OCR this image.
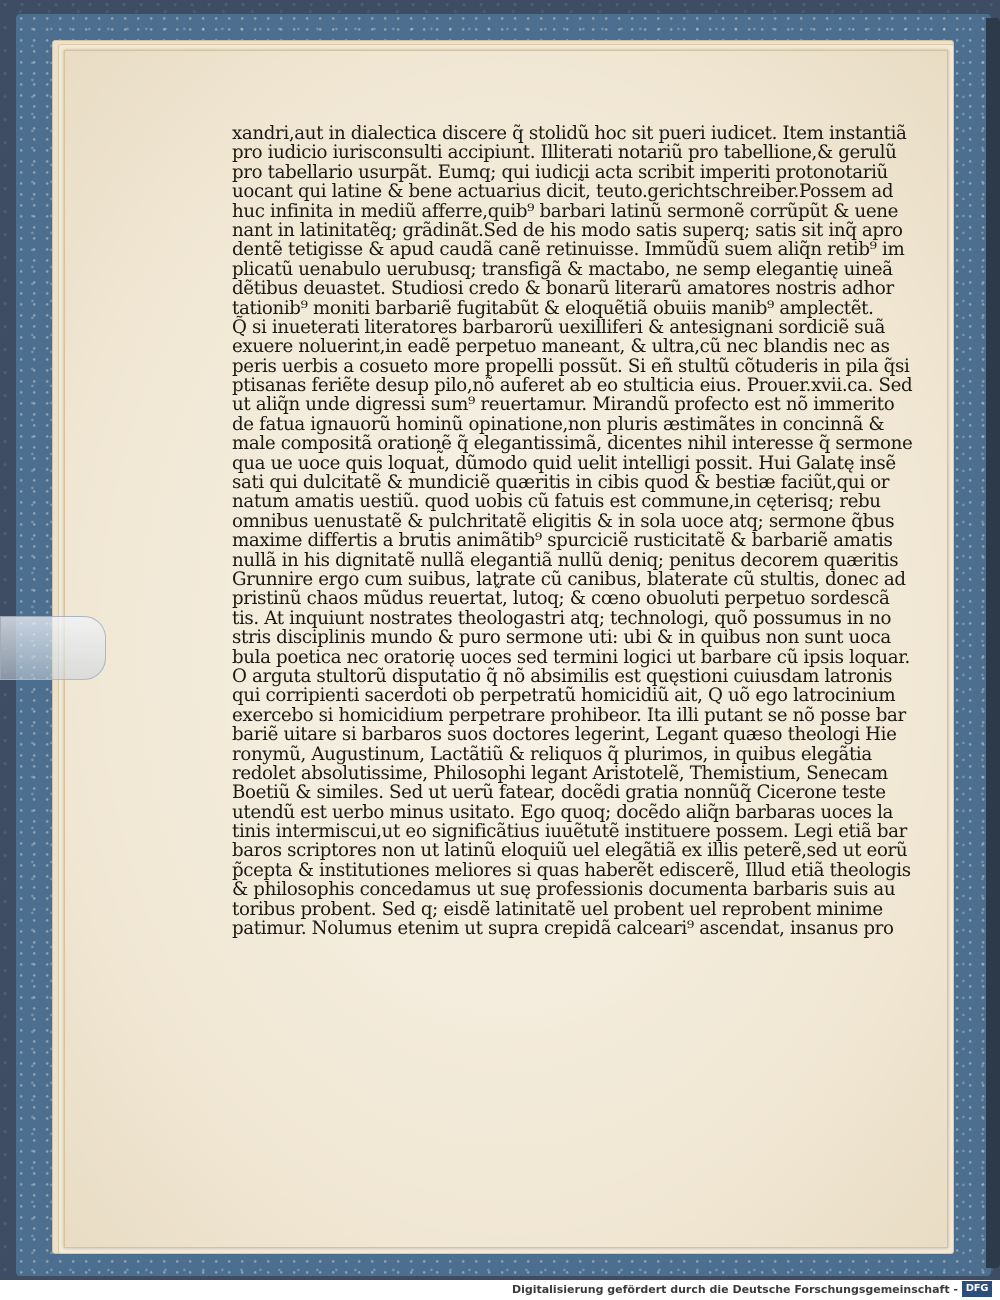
xandri,aut in dialectica discere q̃ stolidũ hoc sit pueri iudicet. Item instantiã
pro iudicio iurisconsulti accipiunt. Illiterati notariũ pro tabellione,& gerulũ
pro tabellario usurpãt. Eumq; qui iudicii acta scribit imperiti protonotariũ
uocant qui latine & bene actuarius dicit̃, teuto.gerichtschreiber.Possem ad
huc infinita in mediũ afferre,quib⁹ barbari latinũ sermonẽ corrũpũt & uene
nant in latinitatẽq; grãdinãt.Sed de his modo satis superq; satis sit inq̃ apro
dentẽ tetigisse & apud caudã canẽ retinuisse. Immũdũ suem aliq̃n retib⁹ im
plicatũ uenabulo uerubusq; transfigã & mactabo, ne semp elegantię uineã
dẽtibus deuastet. Studiosi credo & bonarũ literarũ amatores nostris adhor
tationib⁹ moniti barbariẽ fugitabũt & eloquẽtiã obuiis manib⁹ amplectẽt.
Q̃ si inueterati literatores barbarorũ uexilliferi & antesignani sordiciẽ suã
exuere noluerint,in eadẽ perpetuo maneant, & ultra,cũ nec blandis nec as
peris uerbis a cosueto more propelli possũt. Si eñ stultũ cõtuderis in pila q̃si
ptisanas feriẽte desup pilo,nõ auferet ab eo stulticia eius. Prouer.xvii.ca. Sed
ut aliq̃n unde digressi sum⁹ reuertamur. Mirandũ profecto est nõ immerito
de fatua ignauorũ hominũ opinatione,non pluris æstimãtes in concinnã &
male compositã orationẽ q̃ elegantissimã, dicentes nihil interesse q̃ sermone
qua ue uoce quis loquat̃, dũmodo quid uelit intelligi possit. Hui Galatę insẽ
sati qui dulcitatẽ & mundiciẽ quæritis in cibis quod & bestiæ faciũt,qui or
natum amatis uestiũ. quod uobis cũ fatuis est commune,in cęterisq; rebu
omnibus uenustatẽ & pulchritatẽ eligitis & in sola uoce atq; sermone q̃bus
maxime differtis a brutis animãtib⁹ spurciciẽ rusticitatẽ & barbariẽ amatis
nullã in his dignitatẽ nullã elegantiã nullũ deniq; penitus decorem quæritis
Grunnire ergo cum suibus, latrate cũ canibus, blaterate cũ stultis, donec ad
pristinũ chaos mũdus reuertat̃, lutoq; & cœno obuoluti perpetuo sordescã
tis. At inquiunt nostrates theologastri atq; technologi, quõ possumus in no
stris disciplinis mundo & puro sermone uti: ubi & in quibus non sunt uoca
bula poetica nec oratorię uoces sed termini logici ut barbare cũ ipsis loquar.
O arguta stultorũ disputatio q̃ nõ absimilis est quęstioni cuiusdam latronis
qui corripienti sacerdoti ob perpetratũ homicidiũ ait, Q uõ ego latrocinium
exercebo si homicidium perpetrare prohibeor. Ita illi putant se nõ posse bar
bariẽ uitare si barbaros suos doctores legerint, Legant quæso theologi Hie
ronymũ, Augustinum, Lactãtiũ & reliquos q̃ plurimos, in quibus elegãtia
redolet absolutissime, Philosophi legant Aristotelẽ, Themistium, Senecam
Boetiũ & similes. Sed ut uerũ fatear, docẽdi gratia nonnũq̃ Cicerone teste
utendũ est uerbo minus usitato. Ego quoq; docẽdo aliq̃n barbaras uoces la
tinis intermiscui,ut eo significãtius iuuẽtutẽ instituere possem. Legi etiã bar
baros scriptores non ut latinũ eloquiũ uel elegãtiã ex illis peterẽ,sed ut eorũ
p̃cepta & institutiones meliores si quas haberẽt ediscerẽ, Illud etiã theologis
& philosophis concedamus ut suę professionis documenta barbaris suis au
toribus probent. Sed q; eisdẽ latinitatẽ uel probent uel reprobent minime
patimur. Nolumus etenim ut supra crepidã calceari⁹ ascendat, insanus pro
Digitalisierung gefördert durch die Deutsche Forschungsgemeinschaft - DFG
